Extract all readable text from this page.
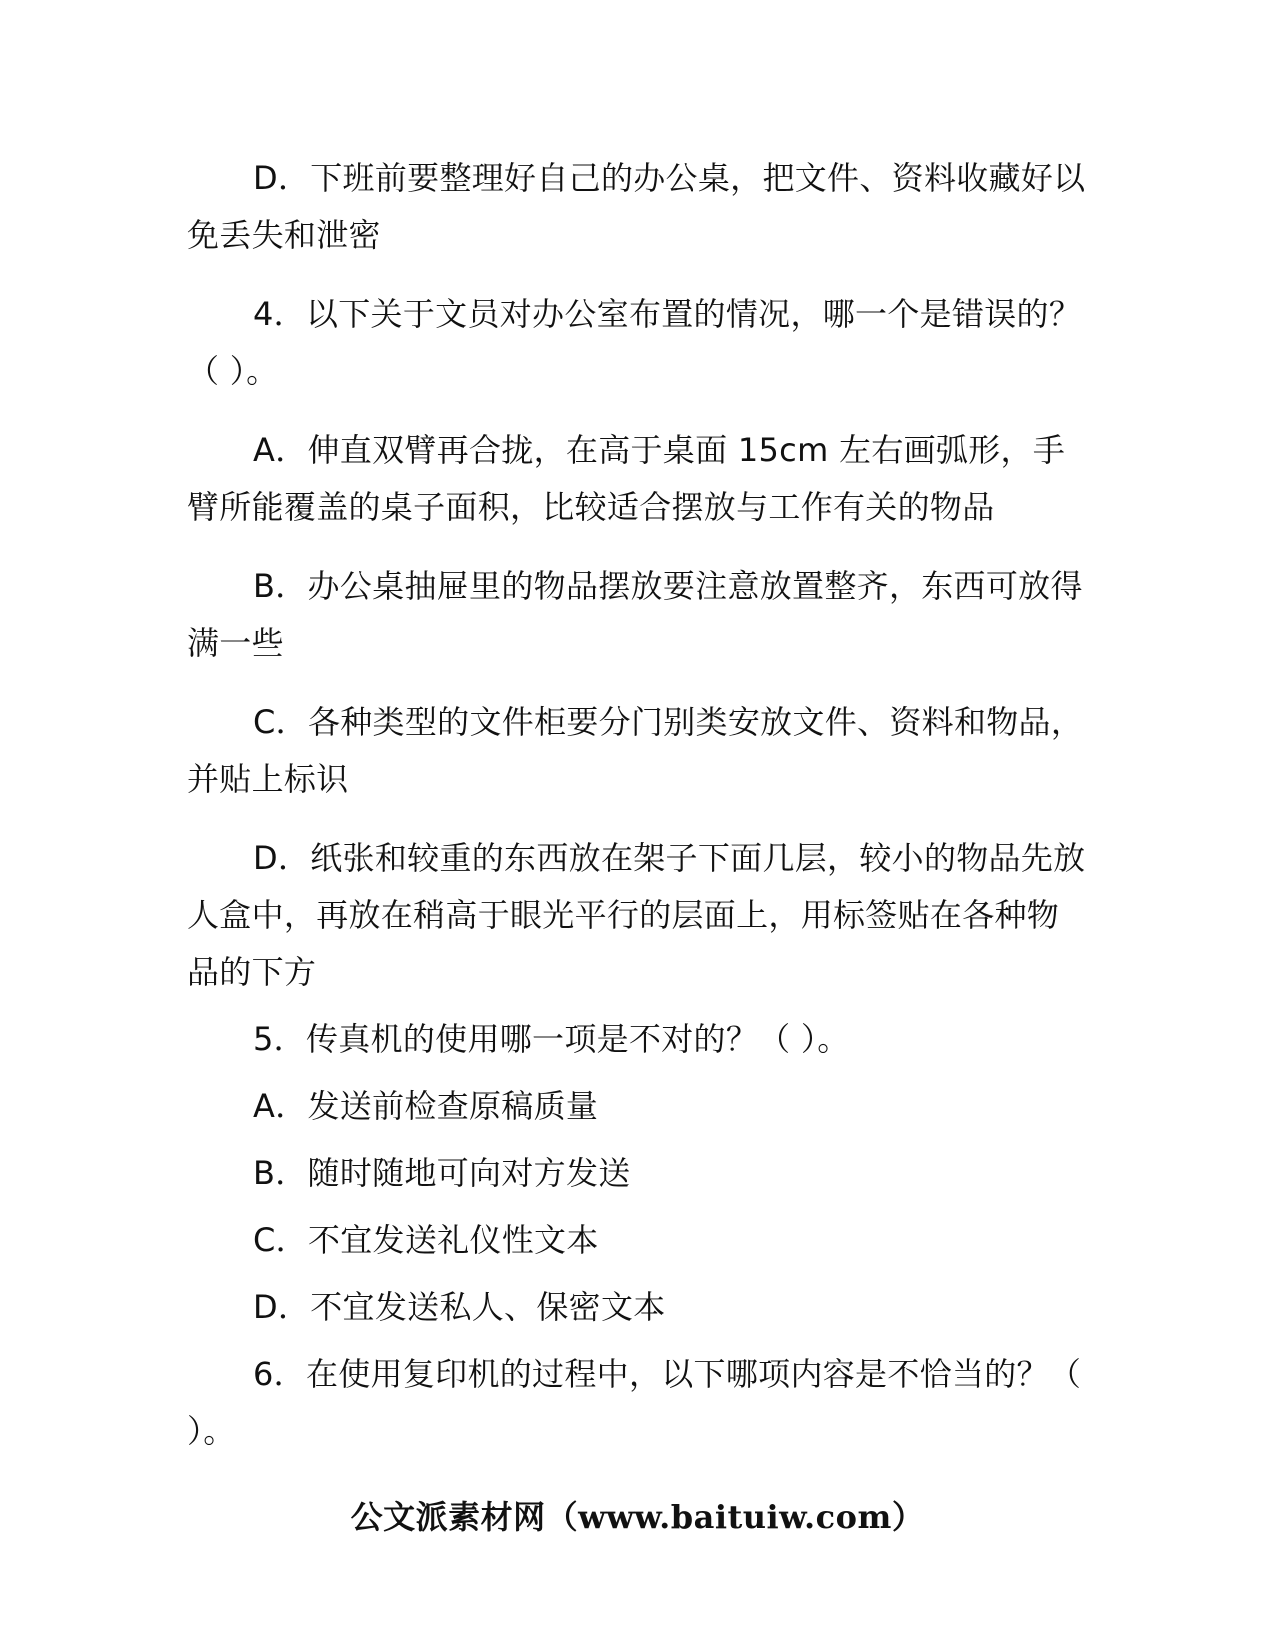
D．下班前要整理好自己的办公桌，把文件、资料收藏好以免丢失和泄密

4．以下关于文员对办公室布置的情况，哪一个是错误的？（ ）。

A．伸直双臂再合拢，在高于桌面 15cm 左右画弧形，手臂所能覆盖的桌子面积，比较适合摆放与工作有关的物品

B．办公桌抽屉里的物品摆放要注意放置整齐，东西可放得满一些

C．各种类型的文件柜要分门别类安放文件、资料和物品，并贴上标识

D．纸张和较重的东西放在架子下面几层，较小的物品先放人盒中，再放在稍高于眼光平行的层面上，用标签贴在各种物品的下方

5．传真机的使用哪一项是不对的？（ ）。

A．发送前检查原稿质量

B．随时随地可向对方发送

C．不宜发送礼仪性文本

D．不宜发送私人、保密文本

6．在使用复印机的过程中，以下哪项内容是不恰当的？（ ）。

公文派素材网（www.baituiw.com）
